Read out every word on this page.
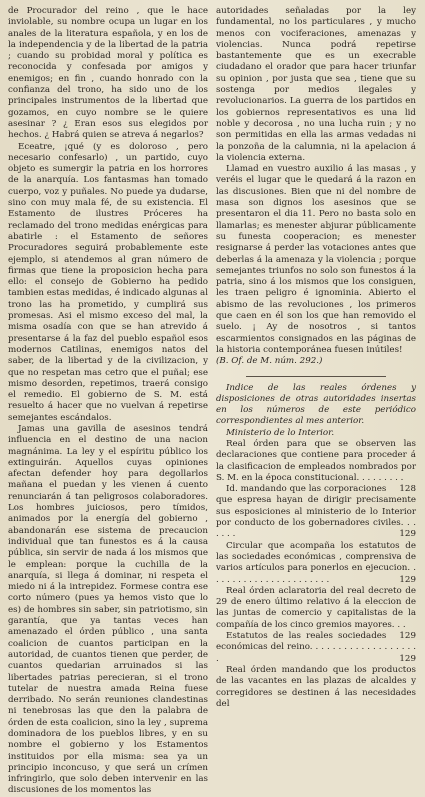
de Procurador del reino , que le hace inviolable, su nombre ocupa un lugar en los anales de la literatura española, y en los de la independencia y de la libertad de la patria ; cuando su probidad moral y política es reconocida y confesada por amigos y enemigos; en fin , cuando honrado con la confianza del trono, ha sido uno de los principales instrumentos de la libertad que gozamos, en cuyo nombre se le quiere asesinar ? ¿ Eran esos sus elegidos por hechos. ¿ Habrá quien se atreva á negarlos?

Eceatre, ¡qué (y es doloroso , pero necesario confesarlo) , un partido, cuyo objeto es sumergir la patria en los horrores de la anarquía. Los fantasmas han tomado cuerpo, voz y puñales. No puede ya dudarse, sino con muy mala fé, de su existencia. El Estamento de ilustres Próceres ha reclamado del trono medidas enérgicas para abatirle : el Estamento de señores Procuradores seguirá probablemente este ejemplo, si atendemos al gran número de firmas que tiene la proposicion hecha para ello: el consejo de Gobierno ha pedido tambien estas medidas, é indicado algunas al trono las ha prometido, y cumplirá sus promesas. Asi el mismo exceso del mal, la misma osadía con que se han atrevido á presentarse á la faz del pueblo español esos modernos Catilinas, enemigos natos del saber, de la libertad y de la civilizacion, y que no respetan mas cetro que el puñal; ese mismo desorden, repetimos, traerá consigo el remedio. El gobierno de S. M. está resuelto á hacer que no vuelvan á repetirse semejantes escándalos.

Jamas una gavilla de asesinos tendrá influencia en el destino de una nacion magnánima. La ley y el espíritu público los extinguirán. Aquellos cuyas opiniones afectan defender hoy para degollarlos mañana el puedan y les vienen á cuento renunciarán á tan peligrosos colaboradores. Los hombres juiciosos, pero tímidos, animados por la energía del gobierno , abandonarán ese sistema de precaucion individual que tan funestos es á la causa pública, sin servir de nada á los mismos que le emplean: porque la cuchilla de la anarquía, si llega á dominar, ni respeta el miedo ni á la intrepidez. Formese contra ese corto número (pues ya hemos visto que lo es) de hombres sin saber, sin patriotismo, sin garantía, que ya tantas veces han amenazado el órden público , una santa coalicion de cuantos participan en la autoridad, de cuantos tienen que perder, de cuantos quedarian arruinados si las libertades patrias perecieran, si el trono tutelar de nuestra amada Reina fuese derribado. No serán reuniones clandestinas ni tenebrosas las que den la palabra de órden de esta coalicion, sino la ley , suprema dominadora de los pueblos libres, y en su nombre el gobierno y los Estamentos instituidos por ella misma: sea ya un principio inconcuso, y que será un crímen infringirlo, que solo deben intervenir en las discusiones de los momentos las

autoridades señaladas por la ley fundamental, no los particulares , y mucho menos con vociferaciones, amenazas y violencias. Nunca podrá repetirse bastantemente que es un execrable ciudadano el orador que para hacer triunfar su opinion , por justa que sea , tiene que su sostenga por medios ilegales y revolucionarios. La guerra de los partidos en los gobiernos representativos es una lid noble y decorosa , no una lucha ruin ; y no son permitidas en ella las armas vedadas ni la ponzoña de la calumnia, ni la apelacion á la violencia externa.

Llamad en vuestro auxilio á las masas , y veréis el lugar que le quedará á la razon en las discusiones. Bien que ni del nombre de masa son dignos los asesinos que se presentaron el dia 11. Pero no basta solo en llamarlas; es menester abjurar públicamente su funesta cooperacion; es menester resignarse á perder las votaciones antes que deberlas á la amenaza y la violencia ; porque semejantes triunfos no solo son funestos á la patria, sino á los mismos que los consiguen, les traen peligro é ignominia. Abierto el abismo de las revoluciones , los primeros que caen en él son los que han removido el suelo. ¡ Ay de nosotros , si tantos escarmientos consignados en las páginas de la historia contemporánea fuesen inútiles!

(B. Of. de M. núm. 292.)

Indice de las reales órdenes y disposiciones de otras autoridades insertas en los números de este periódico correspondientes al mes anterior.

Ministerio de lo Interior.

Real órden para que se observen las declaraciones que contiene para proceder á la clasificacion de empleados nombrados por S. M. en la época constitucional. . . . . . . . .
128
Id. mandando que las corporaciones que espresa hayan de dirigir precisamente sus esposiciones al ministerio de lo Interior por conducto de los gobernadores civiles. . . . . . .	129
Circular que acompaña los estatutos de las sociedades económicas , comprensiva de varios artículos para ponerlos en ejecucion. . . . . . . . . . . . . . . . . . . . . . .	129
Real órden aclaratoria del real decreto de 29 de enero último relativo á la eleccion de las juntas de comercio y capitalistas de la compañía de los cinco gremios mayores. . .
129
Estatutos de las reales sociedades económicas del reino. . . . . . . . . . . . . . . . . . . .	129
Real órden mandando que los productos de las vacantes en las plazas de alcaldes y corregidores se destinen á las necesidades del
